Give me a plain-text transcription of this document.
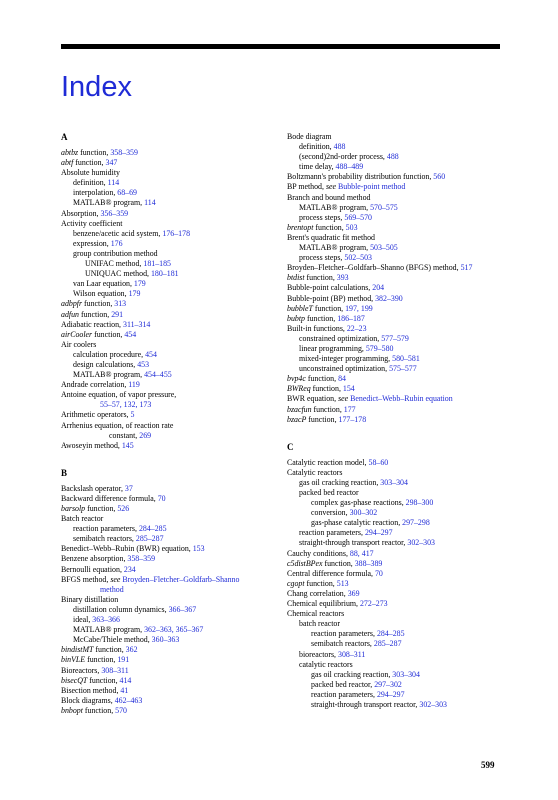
Index
A
abtbz function, 358–359
abtf function, 347
Absolute humidity
definition, 114
interpolation, 68–69
MATLAB® program, 114
Absorption, 356–359
Activity coefficient
benzene/acetic acid system, 176–178
expression, 176
group contribution method
UNIFAC method, 181–185
UNIQUAC method, 180–181
van Laar equation, 179
Wilson equation, 179
adbpfr function, 313
adfun function, 291
Adiabatic reaction, 311–314
airCooler function, 454
Air coolers
calculation procedure, 454
design calculations, 453
MATLAB® program, 454–455
Andrade correlation, 119
Antoine equation, of vapor pressure,
55–57, 132, 173
Arithmetic operators, 5
Arrhenius equation, of reaction rate
constant, 269
Awoseyin method, 145
B
Backslash operator, 37
Backward difference formula, 70
barsolp function, 526
Batch reactor
reaction parameters, 284–285
semibatch reactors, 285–287
Benedict–Webb–Rubin (BWR) equation, 153
Benzene absorption, 358–359
Bernoulli equation, 234
BFGS method, see Broyden–Fletcher–Goldfarb–Shanno
method
Binary distillation
distillation column dynamics, 366–367
ideal, 363–366
MATLAB® program, 362–363, 365–367
McCabe/Thiele method, 360–363
bindistMT function, 362
binVLE function, 191
Bioreactors, 308–311
bisecQT function, 414
Bisection method, 41
Block diagrams, 462–463
bnbopt function, 570
Bode diagram
definition, 488
(second)2nd-order process, 488
time delay, 488–489
Boltzmann's probability distribution function, 560
BP method, see Bubble-point method
Branch and bound method
MATLAB® program, 570–575
process steps, 569–570
brentopt function, 503
Brent's quadratic fit method
MATLAB® program, 503–505
process steps, 502–503
Broyden–Fletcher–Goldfarb–Shanno (BFGS) method, 517
btdist function, 393
Bubble-point calculations, 204
Bubble-point (BP) method, 382–390
bubbleT function, 197, 199
bubtp function, 186–187
Built-in functions, 22–23
constrained optimization, 577–579
linear programming, 579–580
mixed-integer programming, 580–581
unconstrained optimization, 575–577
bvp4c function, 84
BWReq function, 154
BWR equation, see Benedict–Webb–Rubin equation
bzacfun function, 177
bzacP function, 177–178
C
Catalytic reaction model, 58–60
Catalytic reactors
gas oil cracking reaction, 303–304
packed bed reactor
complex gas-phase reactions, 298–300
conversion, 300–302
gas-phase catalytic reaction, 297–298
reaction parameters, 294–297
straight-through transport reactor, 302–303
Cauchy conditions, 88, 417
c5distBPex function, 388–389
Central difference formula, 70
cgopt function, 513
Chang correlation, 369
Chemical equilibrium, 272–273
Chemical reactors
batch reactor
reaction parameters, 284–285
semibatch reactors, 285–287
bioreactors, 308–311
catalytic reactors
gas oil cracking reaction, 303–304
packed bed reactor, 297–302
reaction parameters, 294–297
straight-through transport reactor, 302–303
599
